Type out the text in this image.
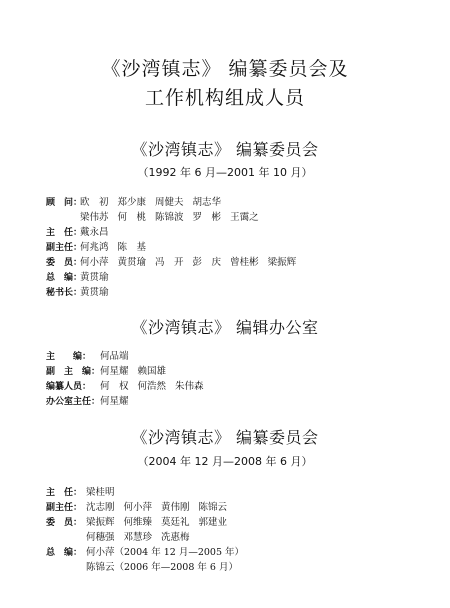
《沙湾镇志》 编纂委员会及
工作机构组成人员
《沙湾镇志》 编纂委员会
（1992 年 6 月—2001 年 10 月）
顾　问：欧　初 郑少康 周健夫 胡志华
梁伟苏 何　桃 陈锦波 罗　彬 王霭之
主　任：戴永昌
副主任：何兆鸿 陈　基
委　员：何小萍 黄贯瑜 冯　开 彭　庆 曾桂彬 梁振辉
总　编：黄贯瑜
秘书长：黄贯瑜
《沙湾镇志》 编辑办公室
主　　编： 何品端
副　主　编：何星耀 赖国雄
编纂人员： 何　权 何浩然 朱伟森
办公室主任：何星耀
《沙湾镇志》 编纂委员会
（2004 年 12 月—2008 年 6 月）
主　任： 梁桂明
副主任： 沈志刚 何小萍 黄伟刚 陈锦云
委　员： 梁振辉 何维臻 莫廷礼 郭建业
何穗强 邓慧珍 冼惠梅
总　编： 何小萍（2004 年 12 月—2005 年）
陈锦云（2006 年—2008 年 6 月）
